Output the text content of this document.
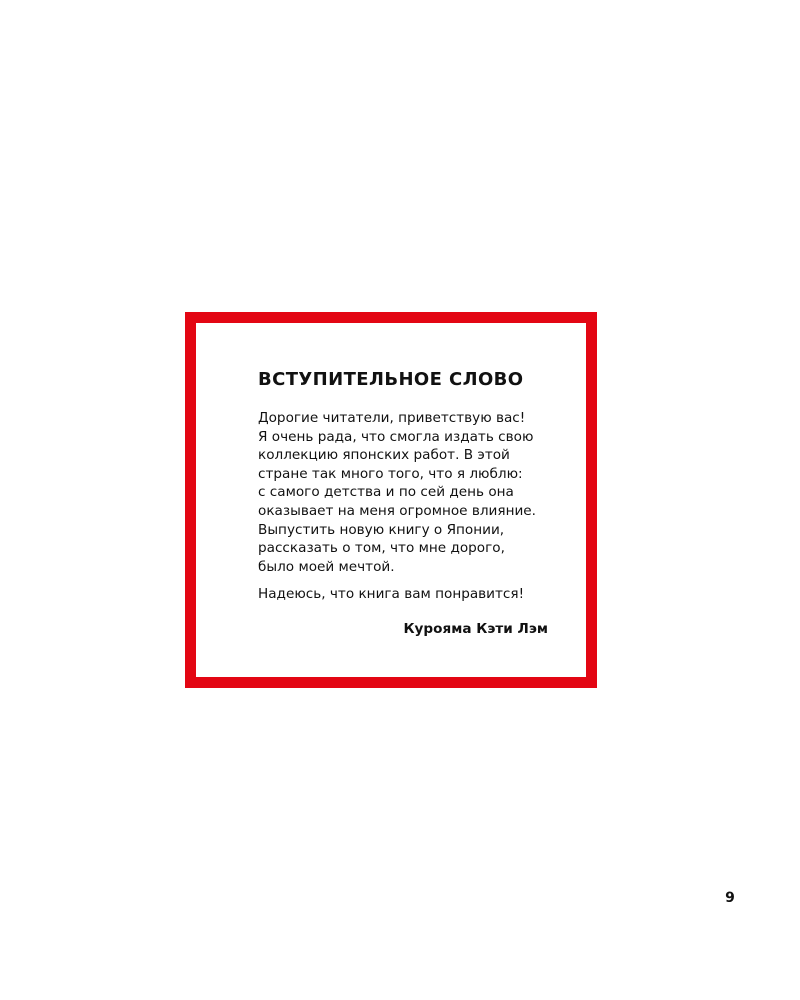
ВСТУПИТЕЛЬНОЕ СЛОВО

Дорогие читатели, приветствую вас!
Я очень рада, что смогла издать свою
коллекцию японских работ. В этой
стране так много того, что я люблю:
с самого детства и по сей день она
оказывает на меня огромное влияние.
Выпустить новую книгу о Японии,
рассказать о том, что мне дорого,
было моей мечтой.

Надеюсь, что книга вам понравится!

Куроямa Кэти Лэм
9
